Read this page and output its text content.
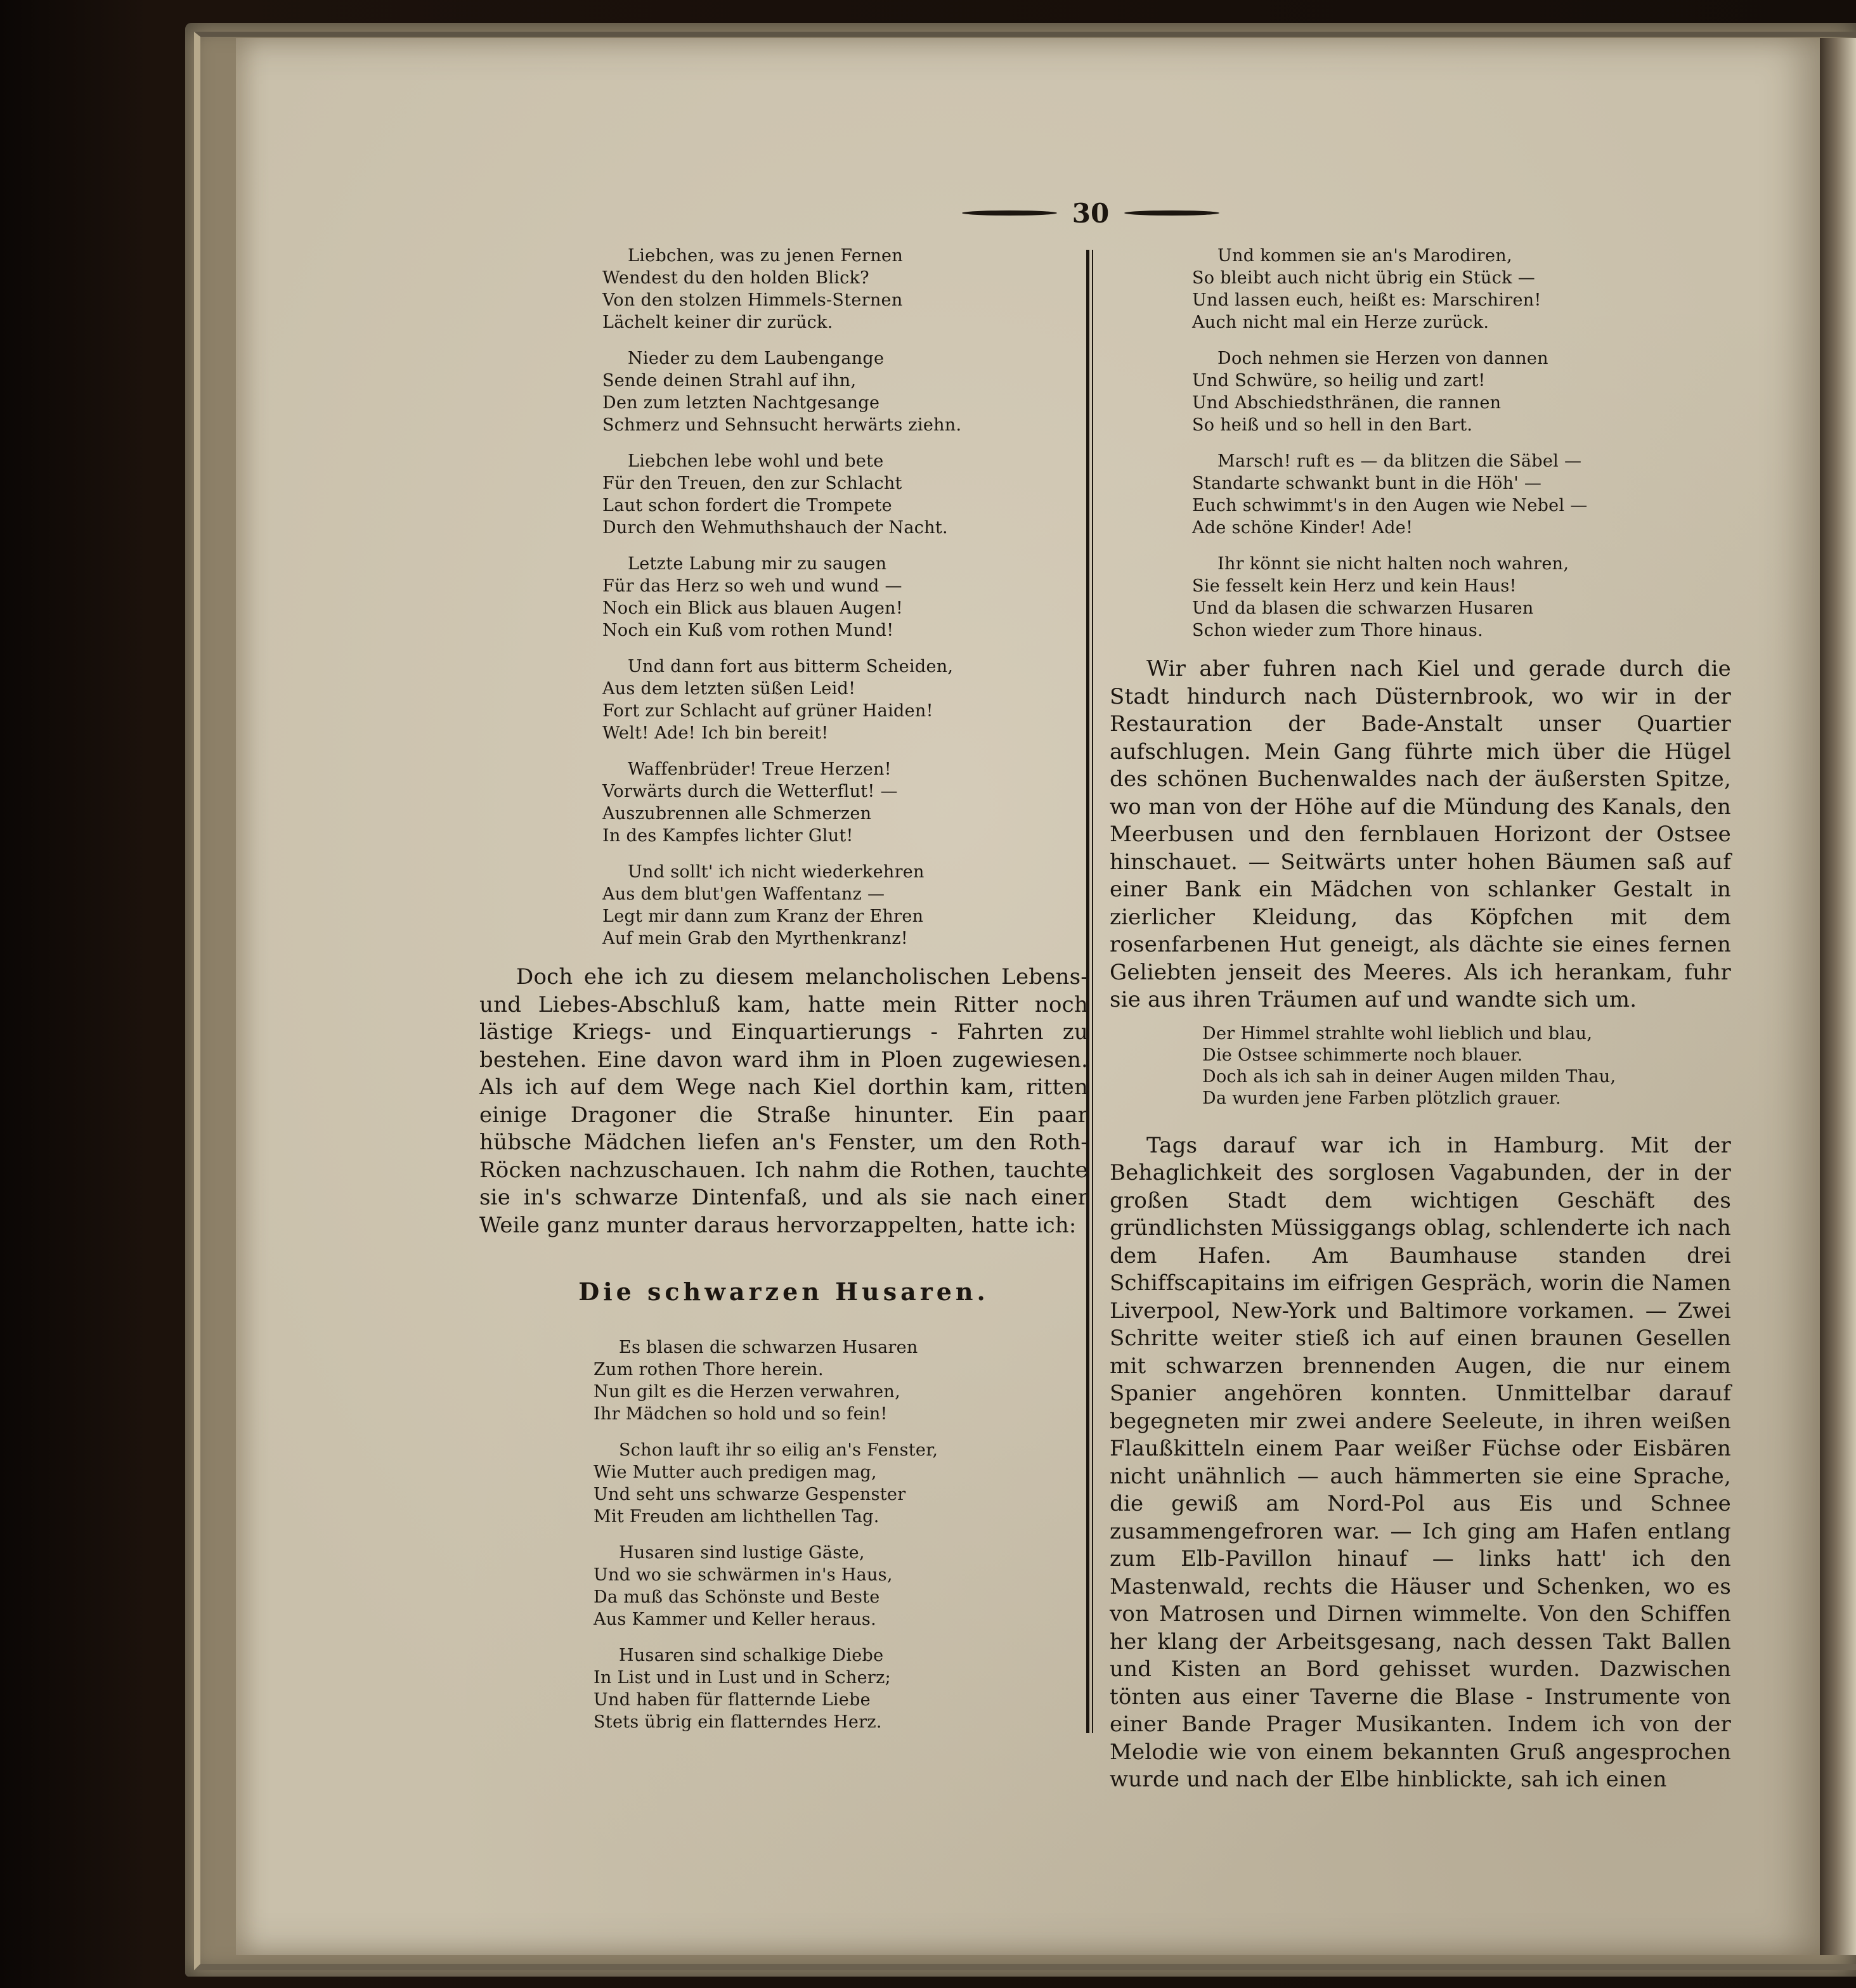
30
Liebchen, was zu jenen Fernen
Wendest du den holden Blick?
Von den stolzen Himmels-Sternen
Lächelt keiner dir zurück.
Nieder zu dem Laubengange
Sende deinen Strahl auf ihn,
Den zum letzten Nachtgesange
Schmerz und Sehnsucht herwärts ziehn.
Liebchen lebe wohl und bete
Für den Treuen, den zur Schlacht
Laut schon fordert die Trompete
Durch den Wehmuthshauch der Nacht.
Letzte Labung mir zu saugen
Für das Herz so weh und wund —
Noch ein Blick aus blauen Augen!
Noch ein Kuß vom rothen Mund!
Und dann fort aus bitterm Scheiden,
Aus dem letzten süßen Leid!
Fort zur Schlacht auf grüner Haiden!
Welt! Ade! Ich bin bereit!
Waffenbrüder! Treue Herzen!
Vorwärts durch die Wetterflut! —
Auszubrennen alle Schmerzen
In des Kampfes lichter Glut!
Und sollt' ich nicht wiederkehren
Aus dem blut'gen Waffentanz —
Legt mir dann zum Kranz der Ehren
Auf mein Grab den Myrthenkranz!

Doch ehe ich zu diesem melancholischen Lebens- und Liebes-Abschluß kam, hatte mein Ritter noch lästige Kriegs- und Einquartierungs - Fahrten zu bestehen. Eine davon ward ihm in Ploen zugewiesen. Als ich auf dem Wege nach Kiel dorthin kam, ritten einige Dragoner die Straße hinunter. Ein paar hübsche Mädchen liefen an's Fenster, um den Roth-Röcken nachzuschauen. Ich nahm die Rothen, tauchte sie in's schwarze Dintenfaß, und als sie nach einer Weile ganz munter daraus hervorzappelten, hatte ich:

Die schwarzen Husaren.
Es blasen die schwarzen Husaren
Zum rothen Thore herein.
Nun gilt es die Herzen verwahren,
Ihr Mädchen so hold und so fein!
Schon lauft ihr so eilig an's Fenster,
Wie Mutter auch predigen mag,
Und seht uns schwarze Gespenster
Mit Freuden am lichthellen Tag.
Husaren sind lustige Gäste,
Und wo sie schwärmen in's Haus,
Da muß das Schönste und Beste
Aus Kammer und Keller heraus.
Husaren sind schalkige Diebe
In List und in Lust und in Scherz;
Und haben für flatternde Liebe
Stets übrig ein flatterndes Herz.
Und kommen sie an's Marodiren,
So bleibt auch nicht übrig ein Stück —
Und lassen euch, heißt es: Marschiren!
Auch nicht mal ein Herze zurück.
Doch nehmen sie Herzen von dannen
Und Schwüre, so heilig und zart!
Und Abschiedsthränen, die rannen
So heiß und so hell in den Bart.
Marsch! ruft es — da blitzen die Säbel —
Standarte schwankt bunt in die Höh' —
Euch schwimmt's in den Augen wie Nebel —
Ade schöne Kinder! Ade!
Ihr könnt sie nicht halten noch wahren,
Sie fesselt kein Herz und kein Haus!
Und da blasen die schwarzen Husaren
Schon wieder zum Thore hinaus.

Wir aber fuhren nach Kiel und gerade durch die Stadt hindurch nach Düsternbrook, wo wir in der Restauration der Bade-Anstalt unser Quartier aufschlugen. Mein Gang führte mich über die Hügel des schönen Buchenwaldes nach der äußersten Spitze, wo man von der Höhe auf die Mündung des Kanals, den Meerbusen und den fernblauen Horizont der Ostsee hinschauet. — Seitwärts unter hohen Bäumen saß auf einer Bank ein Mädchen von schlanker Gestalt in zierlicher Kleidung, das Köpfchen mit dem rosenfarbenen Hut geneigt, als dächte sie eines fernen Geliebten jenseit des Meeres. Als ich herankam, fuhr sie aus ihren Träumen auf und wandte sich um.

Der Himmel strahlte wohl lieblich und blau,
Die Ostsee schimmerte noch blauer.
Doch als ich sah in deiner Augen milden Thau,
Da wurden jene Farben plötzlich grauer.

Tags darauf war ich in Hamburg. Mit der Behaglichkeit des sorglosen Vagabunden, der in der großen Stadt dem wichtigen Geschäft des gründlichsten Müssiggangs oblag, schlenderte ich nach dem Hafen. Am Baumhause standen drei Schiffscapitains im eifrigen Gespräch, worin die Namen Liverpool, New-York und Baltimore vorkamen. — Zwei Schritte weiter stieß ich auf einen braunen Gesellen mit schwarzen brennenden Augen, die nur einem Spanier angehören konnten. Unmittelbar darauf begegneten mir zwei andere Seeleute, in ihren weißen Flaußkitteln einem Paar weißer Füchse oder Eisbären nicht unähnlich — auch hämmerten sie eine Sprache, die gewiß am Nord-Pol aus Eis und Schnee zusammengefroren war. — Ich ging am Hafen entlang zum Elb-Pavillon hinauf — links hatt' ich den Mastenwald, rechts die Häuser und Schenken, wo es von Matrosen und Dirnen wimmelte. Von den Schiffen her klang der Arbeitsgesang, nach dessen Takt Ballen und Kisten an Bord gehisset wurden. Dazwischen tönten aus einer Taverne die Blase - Instrumente von einer Bande Prager Musikanten. Indem ich von der Melodie wie von einem bekannten Gruß angesprochen wurde und nach der Elbe hinblickte, sah ich einen
